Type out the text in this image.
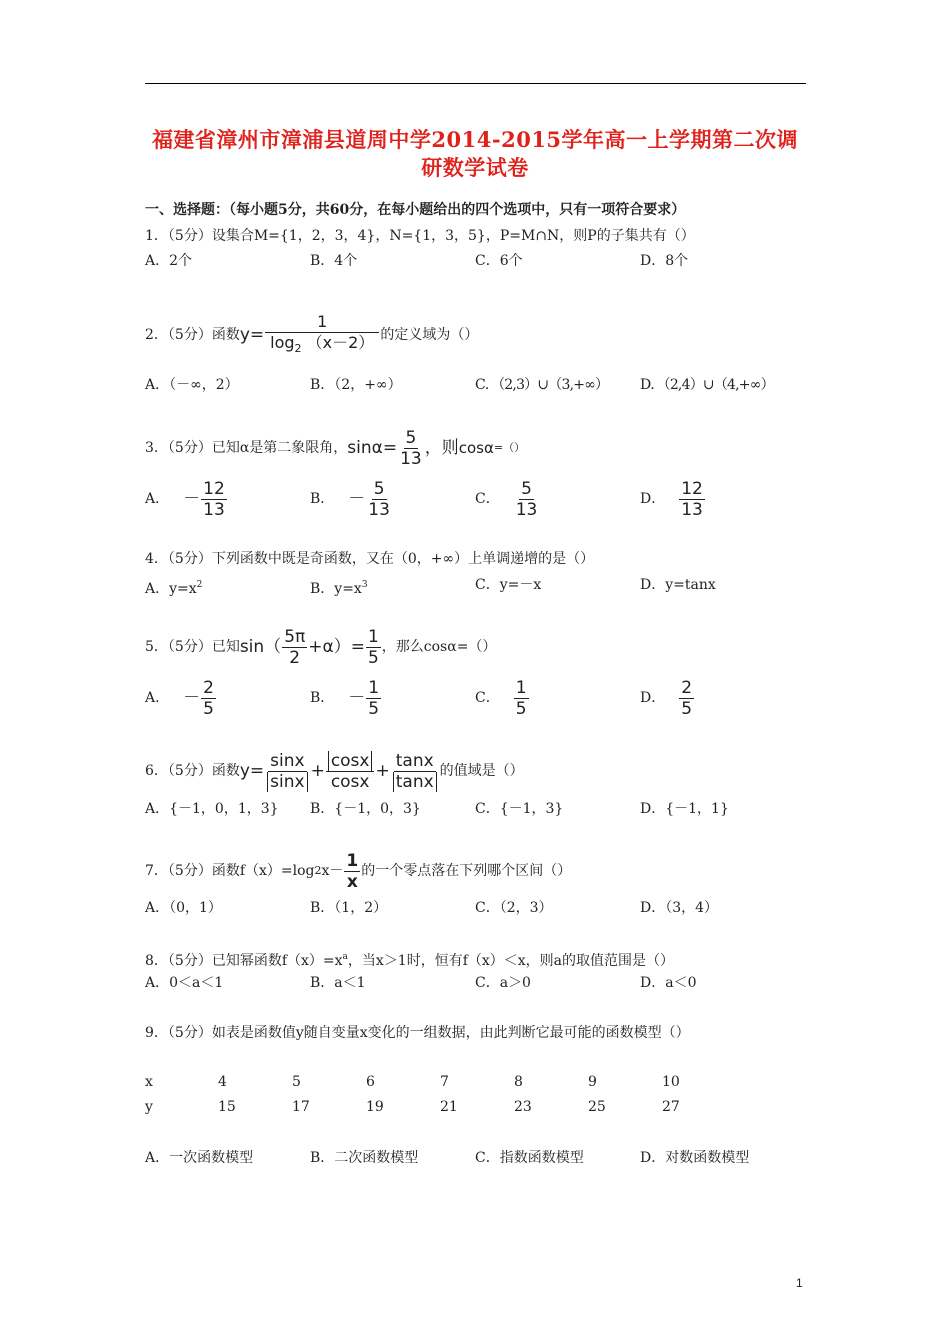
福建省漳州市漳浦县道周中学2014-2015学年高一上学期第二次调
研数学试卷
一、选择题：（每小题5分，共60分，在每小题给出的四个选项中，只有一项符合要求）
1．（5分）设集合M={1，2，3，4}，N={1，3，5}，P=M∩N，则P的子集共有（）
A．2个	B．4个	C．6个	D．8个
2．（5分）函数 $y= \frac{1}{\log_2 (x-2)}$ 的定义域为（）
A．（－∞，2）	B．（2，+∞）	C．（2,3）∪（3,+∞） D．（2,4）∪（4,+∞）
3．（5分）已知α是第二象限角， $\sin\alpha= \frac{5}{13}$ ，则 cosα =（）
A． － $\frac{12}{13}$	B． － $\frac{5}{13}$	C． $\frac{5}{13}$	D． $\frac{12}{13}$
4．（5分）下列函数中既是奇函数，又在（0，+∞）上单调递增的是（）
A．$y=x^2$	B．$y=x^3$	C．y=－x	D．y=tanx
5．（5分）已知 $\sin( \frac{5\pi}{2} +\alpha)= \frac{1}{5}$ ，那么cosα=（）
A． － $\frac{2}{5}$	B． － $\frac{1}{5}$	C． $\frac{1}{5}$	D． $\frac{2}{5}$
6．（5分）函数 $y= \frac{\sin x}{\sin x} + \frac{\cos x}{\cos x} + \frac{\tan x}{\tan x}$ 的值域是（）
A．{－1，0，1，3} B．{－1，0，3}	C．{－1，3}	D．{－1，1}
7．（5分）函数f（x）=log 2 $x- \frac{1}{x}$ 的一个零点落在下列哪个区间（）
A．（0，1）	B．（1，2）	C．（2，3）	D．（3，4）
8．（5分）已知幂函数$f(x)=x^a$，当x＞1时，恒有f（x）＜x，则a的取值范围是（）
A．0＜a＜1	B．a＜1	C．a＞0	D．a＜0
9．（5分）如表是函数值y随自变量x变化的一组数据，由此判断它最可能的函数模型（）
x	4	5	6	7	8	9	10
y	15	17	19	21	23	25	27
A．一次函数模型	B．二次函数模型	C．指数函数模型	D．对数函数模型
1
